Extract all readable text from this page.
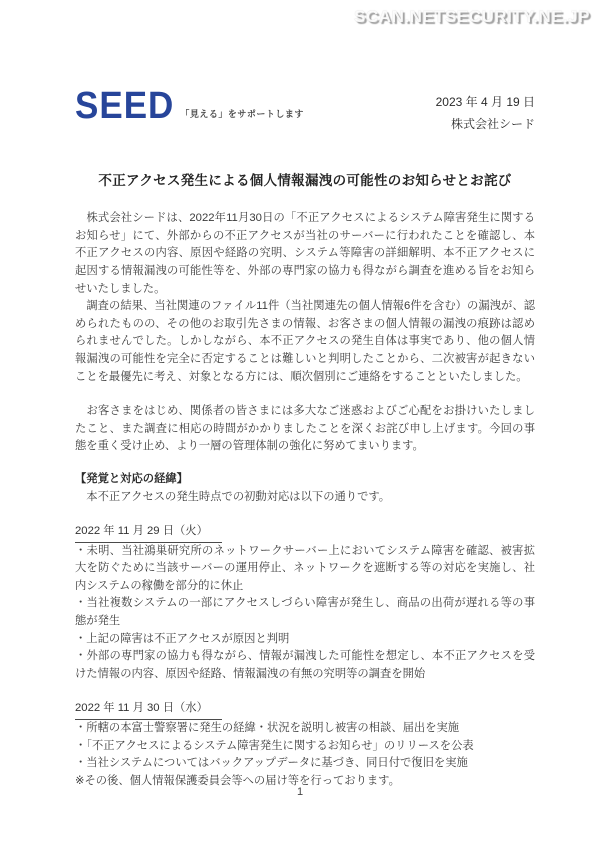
SCAN.NETSECURITY.NE.JP
SEED 「見える」をサポートします
2023 年 4 月 19 日
株式会社シード
不正アクセス発生による個人情報漏洩の可能性のお知らせとお詫び

　株式会社シードは、2022年11月30日の「不正アクセスによるシステム障害発生に関するお知らせ」にて、外部からの不正アクセスが当社のサーバーに行われたことを確認し、本不正アクセスの内容、原因や経路の究明、システム等障害の詳細解明、本不正アクセスに起因する情報漏洩の可能性等を、外部の専門家の協力も得ながら調査を進める旨をお知らせいたしました。

　調査の結果、当社関連のファイル11件（当社関連先の個人情報6件を含む）の漏洩が、認められたものの、その他のお取引先さまの情報、お客さまの個人情報の漏洩の痕跡は認められませんでした。しかしながら、本不正アクセスの発生自体は事実であり、他の個人情報漏洩の可能性を完全に否定することは難しいと判明したことから、二次被害が起きないことを最優先に考え、対象となる方には、順次個別にご連絡をすることといたしました。

　お客さまをはじめ、関係者の皆さまには多大なご迷惑およびご心配をお掛けいたしましたこと、また調査に相応の時間がかかりましたことを深くお詫び申し上げます。今回の事態を重く受け止め、より一層の管理体制の強化に努めてまいります。

【発覚と対応の経緯】

　本不正アクセスの発生時点での初動対応は以下の通りです。

2022 年 11 月 29 日（火）

・未明、当社鴻巣研究所のネットワークサーバー上においてシステム障害を確認、被害拡大を防ぐために当該サーバーの運用停止、ネットワークを遮断する等の対応を実施し、社内システムの稼働を部分的に休止

・当社複数システムの一部にアクセスしづらい障害が発生し、商品の出荷が遅れる等の事態が発生

・上記の障害は不正アクセスが原因と判明

・外部の専門家の協力も得ながら、情報が漏洩した可能性を想定し、本不正アクセスを受けた情報の内容、原因や経路、情報漏洩の有無の究明等の調査を開始

2022 年 11 月 30 日（水）

・所轄の本富士警察署に発生の経緯・状況を説明し被害の相談、届出を実施

・「不正アクセスによるシステム障害発生に関するお知らせ」のリリースを公表

・当社システムについてはバックアップデータに基づき、同日付で復旧を実施

※その後、個人情報保護委員会等への届け等を行っております。

1
